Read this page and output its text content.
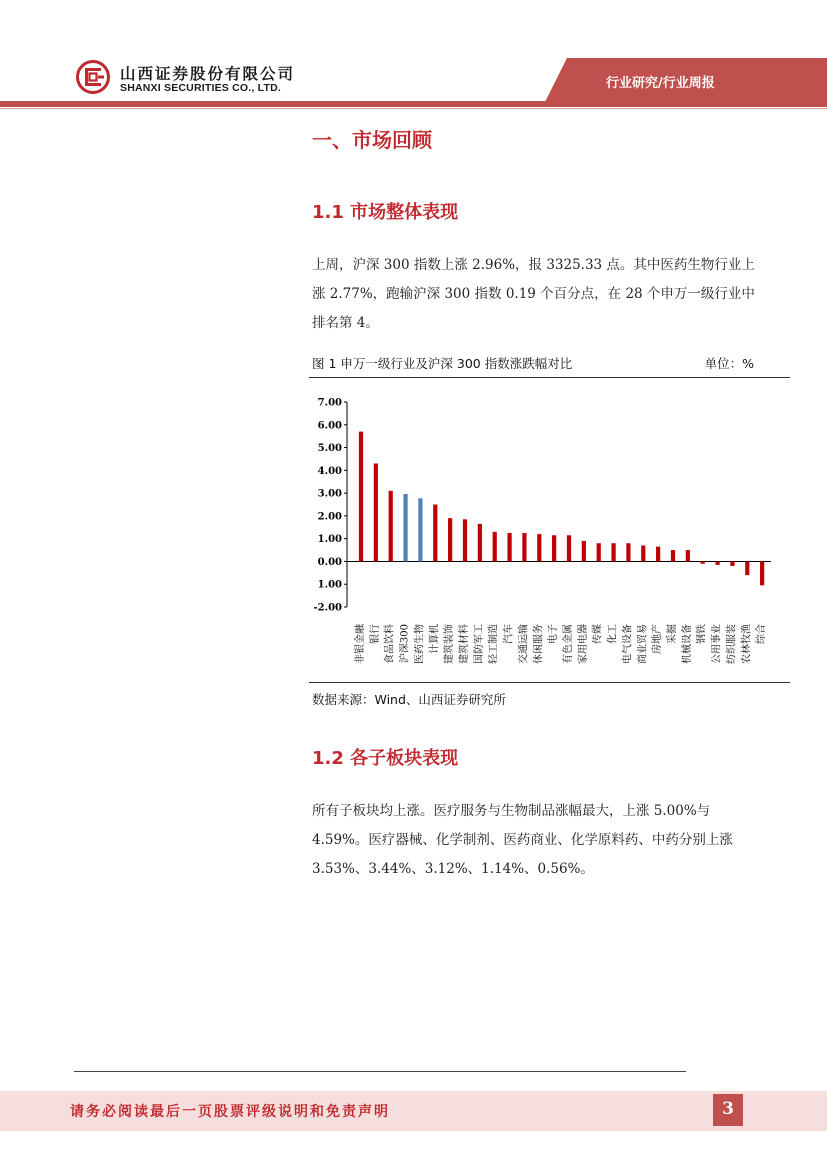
山西证券股份有限公司
SHANXI SECURITIES CO., LTD.	行业研究/行业周报
一、市场回顾
1.1 市场整体表现
上周，沪深 300 指数上涨 2.96%，报 3325.33 点。其中医药生物行业上
涨 2.77%，跑输沪深 300 指数 0.19 个百分点，在 28 个申万一级行业中
排名第 4。
图 1 申万一级行业及沪深 300 指数涨跌幅对比	单位：%
7.00
6.00
5.00
4.00
3.00
2.00
1.00
0.00
1.00
-2.00
非银金融 银行 食品饮料 沪深300 医药生物 计算机 建筑装饰 建筑材料 国防军工 轻工制造 汽车 交通运输 休闲服务 电子 有色金属 家用电器 传媒 化工 电气设备 商业贸易 房地产 采掘 机械设备 钢铁 公用事业 纺织服装 农林牧渔 综合
数据来源：Wind、山西证券研究所
1.2 各子板块表现
所有子板块均上涨。医疗服务与生物制品涨幅最大，上涨 5.00%与
4.59%。医疗器械、化学制剂、医药商业、化学原料药、中药分别上涨
3.53%、3.44%、3.12%、1.14%、0.56%。
请务必阅读最后一页股票评级说明和免责声明	3
